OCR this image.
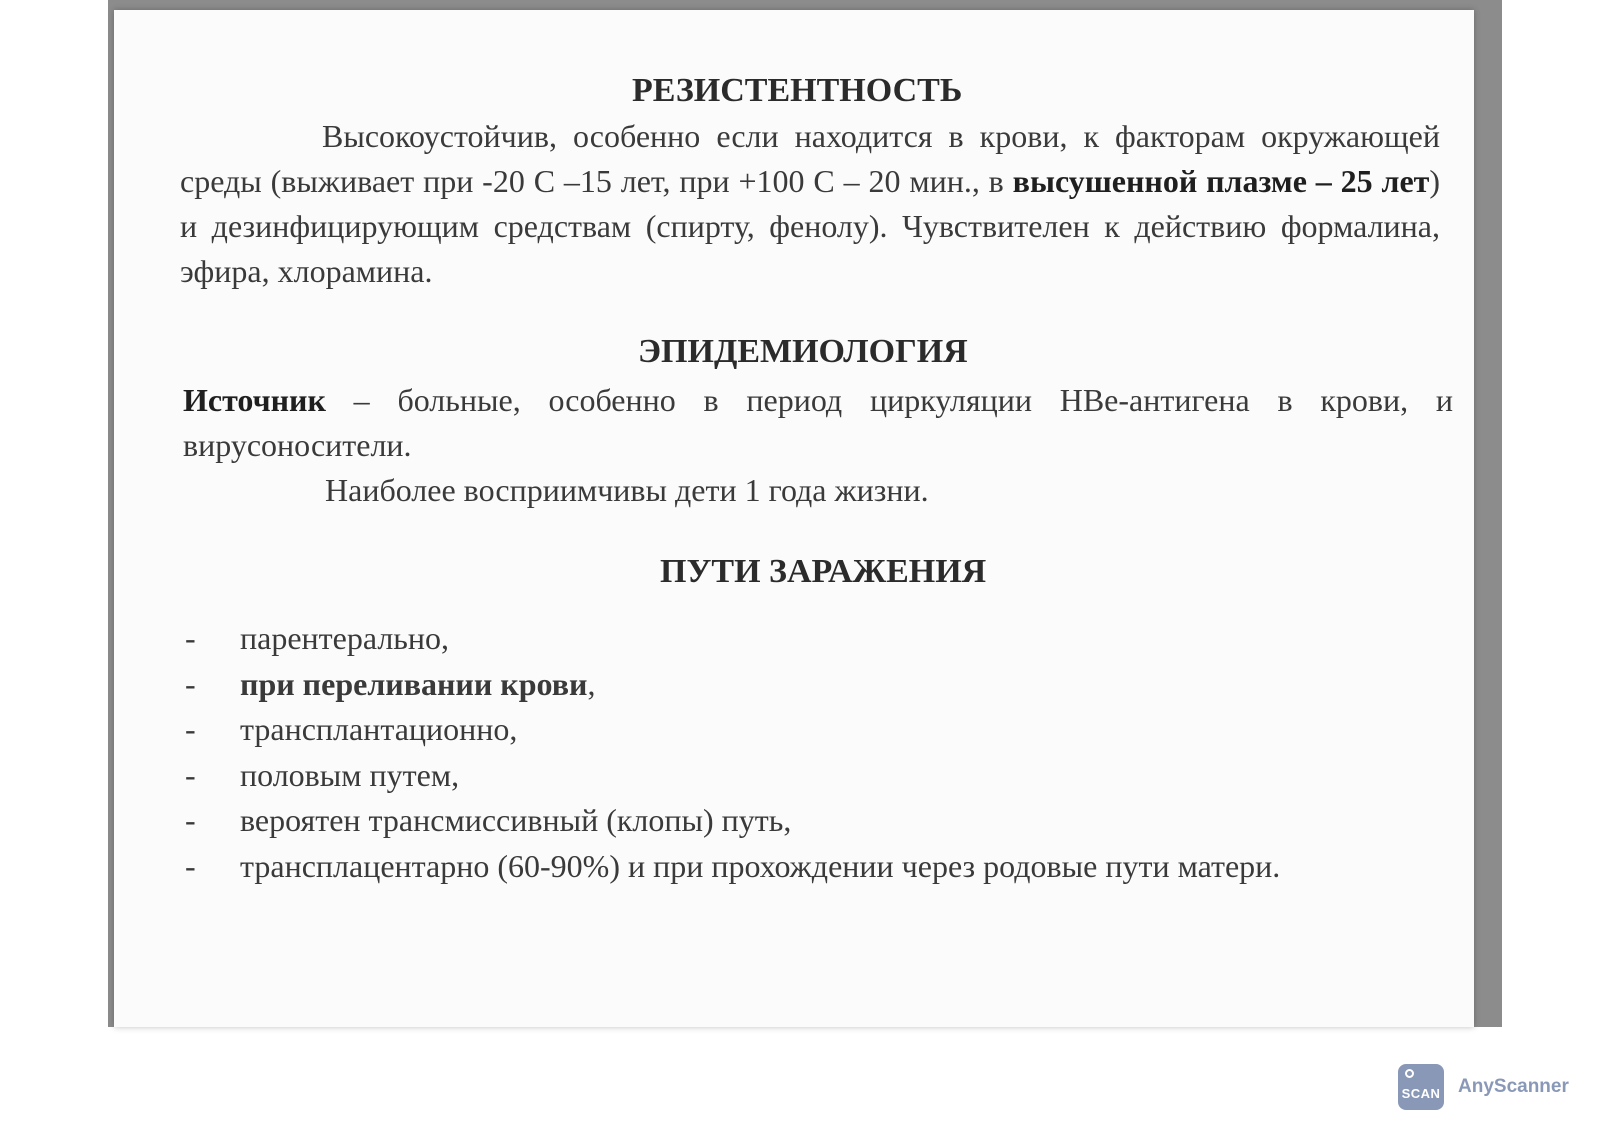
РЕЗИСТЕНТНОСТЬ
Высокоустойчив, особенно если находится в крови, к факторам окружающей среды (выживает при -20 С –15 лет, при +100 С – 20 мин., в высушенной плазме – 25 лет) и дезинфицирующим средствам (спирту, фенолу). Чувствителен к действию формалина, эфира, хлорамина.
ЭПИДЕМИОЛОГИЯ
Источник – больные, особенно в период циркуляции НВе-антигена в крови, и вирусоносители.
Наиболее восприимчивы дети 1 года жизни.
ПУТИ ЗАРАЖЕНИЯ
- парентерально,
- при переливании крови,
- трансплантационно,
- половым путем,
- вероятен трансмиссивный (клопы) путь,
- трансплацентарно (60-90%) и при прохождении через родовые пути матери.
SCAN AnyScanner
